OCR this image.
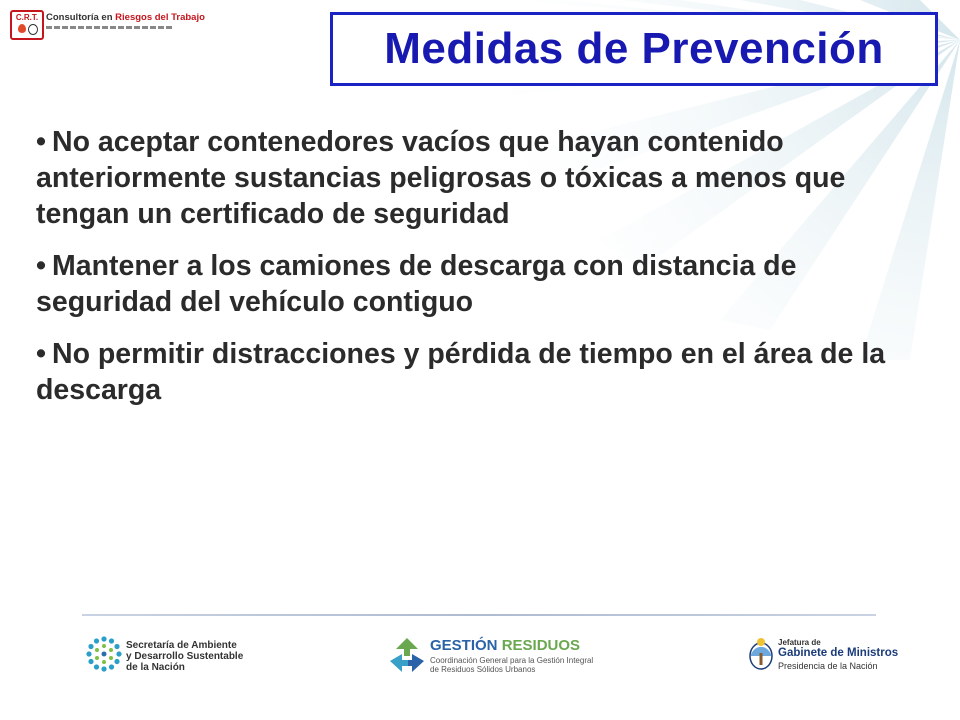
C.R.T. Consultoría en Riesgos del Trabajo
Medidas de Prevención

• No aceptar contenedores vacíos que hayan contenido anteriormente sustancias peligrosas o tóxicas a menos que tengan un certificado de seguridad

• Mantener a los camiones de descarga con distancia de seguridad del vehículo contiguo

• No permitir distracciones y pérdida de tiempo en el área de la descarga

Secretaría de Ambiente
y Desarrollo Sustentable
de la Nación
GESTIÓN RESIDUOS
Coordinación General para la Gestión Integral
de Residuos Sólidos Urbanos
Jefatura de
Gabinete de Ministros
Presidencia de la Nación
